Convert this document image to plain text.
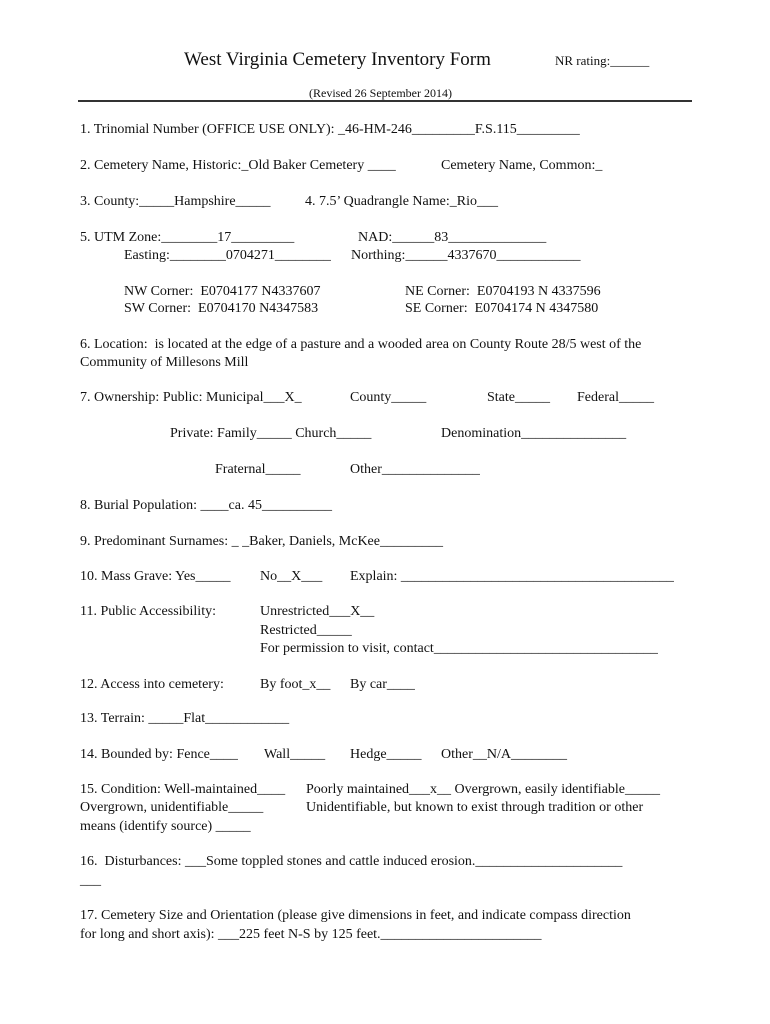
West Virginia Cemetery Inventory Form	NR rating:______
(Revised 26 September 2014)
1. Trinomial Number (OFFICE USE ONLY): _46-HM-246_________F.S.115_________
2. Cemetery Name, Historic:_Old Baker Cemetery ____	Cemetery Name, Common:_
3. County:_____Hampshire_____ 4. 7.5’ Quadrangle Name:_Rio___
5. UTM Zone:________17_________	NAD:______83______________
Easting:________0704271________ Northing:______4337670____________
NW Corner:  E0704177 N4337607	NE Corner:  E0704193 N 4337596
SW Corner:  E0704170 N4347583	SE Corner:  E0704174 N 4347580
6. Location:  is located at the edge of a pasture and a wooded area on County Route 28/5 west of the
Community of Millesons Mill
7. Ownership: Public: Municipal___X_	County_____	State_____ Federal_____
Private: Family_____ Church_____	Denomination_______________
Fraternal_____	Other______________
8. Burial Population: ____ca. 45__________
9. Predominant Surnames: _ _Baker, Daniels, McKee_________
10. Mass Grave: Yes_____ No__X___ Explain: _______________________________________
11. Public Accessibility:	Unrestricted___X__
Restricted_____
For permission to visit, contact________________________________
12. Access into cemetery:	By foot_x__ By car____
13. Terrain: _____Flat____________
14. Bounded by: Fence____ Wall_____ Hedge_____ Other__N/A________
15. Condition: Well-maintained____ Poorly maintained___x__ Overgrown, easily identifiable_____
Overgrown, unidentifiable_____	Unidentifiable, but known to exist through tradition or other
means (identify source) _____
16.  Disturbances: ___Some toppled stones and cattle induced erosion._____________________
___
17. Cemetery Size and Orientation (please give dimensions in feet, and indicate compass direction
for long and short axis): ___225 feet N-S by 125 feet._______________________
